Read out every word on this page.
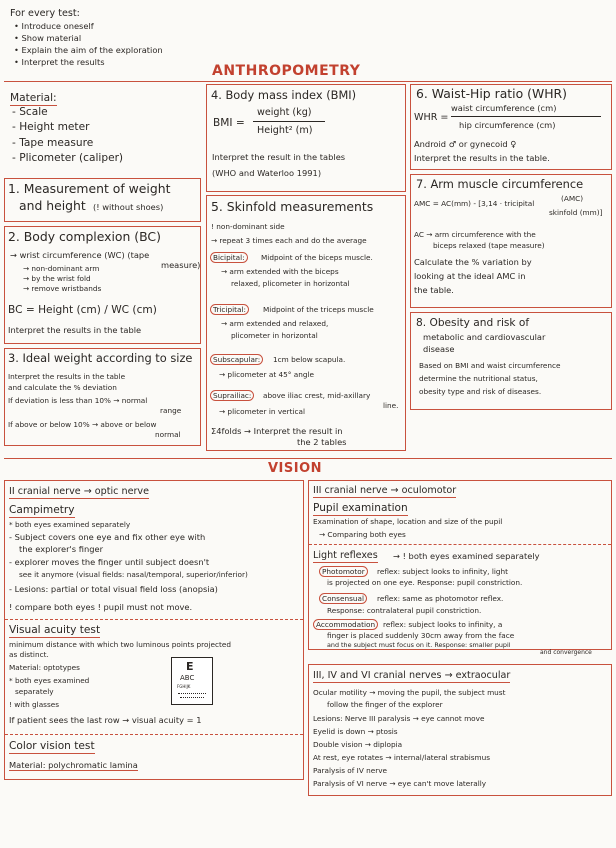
For every test:
• Introduce oneself
• Show material
• Explain the aim of the exploration
• Interpret the results
ANTHROPOMETRY
Material:
- Scale
- Height meter
- Tape measure
- Plicometer (caliper)
1. Measurement of weight
and height (! without shoes)
2. Body complexion (BC)
→ wrist circumference (WC) (tape
measure)
→ non-dominant arm
→ by the wrist fold
→ remove wristbands
BC = Height (cm) / WC (cm)
Interpret the results in the table
3. Ideal weight according to size
Interpret the results in the table
and calculate the % deviation
If deviation is less than 10% → normal
range
If above or below 10% → above or below
normal
4. Body mass index (BMI)
BMI =
weight (kg)
Height² (m)
Interpret the result in the tables
(WHO and Waterloo 1991)
5. Skinfold measurements
! non-dominant side
→ repeat 3 times each and do the average
Bicipital:	Midpoint of the biceps muscle.
→ arm extended with the biceps
relaxed, plicometer in horizontal
Tricipital:	Midpoint of the triceps muscle
→ arm extended and relaxed,
plicometer in horizontal
Subscapular:	1cm below scapula.
→ plicometer at 45° angle
Suprailiac:	above iliac crest, mid-axillary
line.
→ plicometer in vertical
Σ4folds → Interpret the result in
the 2 tables
6. Waist-Hip ratio (WHR)
WHR =
waist circumference (cm)
hip circumference (cm)
Android ♂ or gynecoid ♀
Interpret the results in the table.
7. Arm muscle circumference
AMC = AC(mm) - [3,14 · tricipital
(AMC)
skinfold (mm)]
AC → arm circumference with the
biceps relaxed (tape measure)
Calculate the % variation by
looking at the ideal AMC in
the table.
8. Obesity and risk of
metabolic and cardiovascular
disease
Based on BMI and waist circumference
determine the nutritional status,
obesity type and risk of diseases.
VISION
II cranial nerve → optic nerve
Campimetry
* both eyes examined separately
- Subject covers one eye and fix other eye with
the explorer's finger
- explorer moves the finger until subject doesn't
see it anymore (visual fields: nasal/temporal, superior/inferior)
- Lesions: partial or total visual field loss (anopsia)
! compare both eyes ! pupil must not move.
Visual acuity test
minimum distance with which two luminous points projected
as distinct.
Material: optotypes
* both eyes examined
separately
! with glasses
If patient sees the last row → visual acuity = 1
E
ABC
FGHIJK
Color vision test
Material: polychromatic lamina
III cranial nerve → oculomotor
Pupil examination
Examination of shape, location and size of the pupil
→ Comparing both eyes
Light reflexes → ! both eyes examined separately
Photomotor	reflex: subject looks to infinity, light
is projected on one eye. Response: pupil constriction.
Consensual	reflex: same as photomotor reflex.
Response: contralateral pupil constriction.
Accommodation	reflex: subject looks to infinity, a
finger is placed suddenly 30cm away from the face
and the subject must focus on it. Response: smaller pupil
and convergence
III, IV and VI cranial nerves → extraocular
Ocular motility → moving the pupil, the subject must
follow the finger of the explorer
Lesions: Nerve III paralysis → eye cannot move
Eyelid is down → ptosis
Double vision → diplopia
At rest, eye rotates → internal/lateral strabismus
Paralysis of IV nerve
Paralysis of VI nerve → eye can't move laterally
